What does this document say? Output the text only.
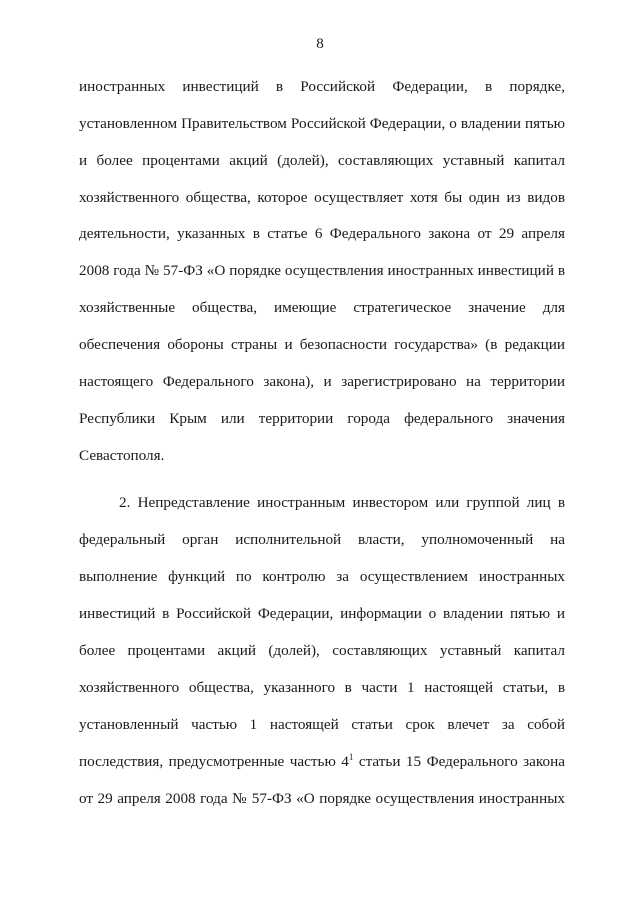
8
иностранных инвестиций в Российской Федерации, в порядке,
установленном Правительством Российской Федерации, о владении пятью
и более процентами акций (долей), составляющих уставный капитал
хозяйственного общества, которое осуществляет хотя бы один из видов
деятельности, указанных в статье 6 Федерального закона от 29 апреля
2008 года № 57-ФЗ «О порядке осуществления иностранных инвестиций в
хозяйственные общества, имеющие стратегическое значение для
обеспечения обороны страны и безопасности государства» (в редакции
настоящего Федерального закона), и зарегистрировано на территории
Республики Крым или территории города федерального значения
Севастополя.
2. Непредставление иностранным инвестором или группой лиц в
федеральный орган исполнительной власти, уполномоченный на
выполнение функций по контролю за осуществлением иностранных
инвестиций в Российской Федерации, информации о владении пятью и
более процентами акций (долей), составляющих уставный капитал
хозяйственного общества, указанного в части 1 настоящей статьи, в
установленный частью 1 настоящей статьи срок влечет за собой
последствия, предусмотренные частью $4^1$ статьи 15 Федерального закона
от 29 апреля 2008 года № 57-ФЗ «О порядке осуществления иностранных
